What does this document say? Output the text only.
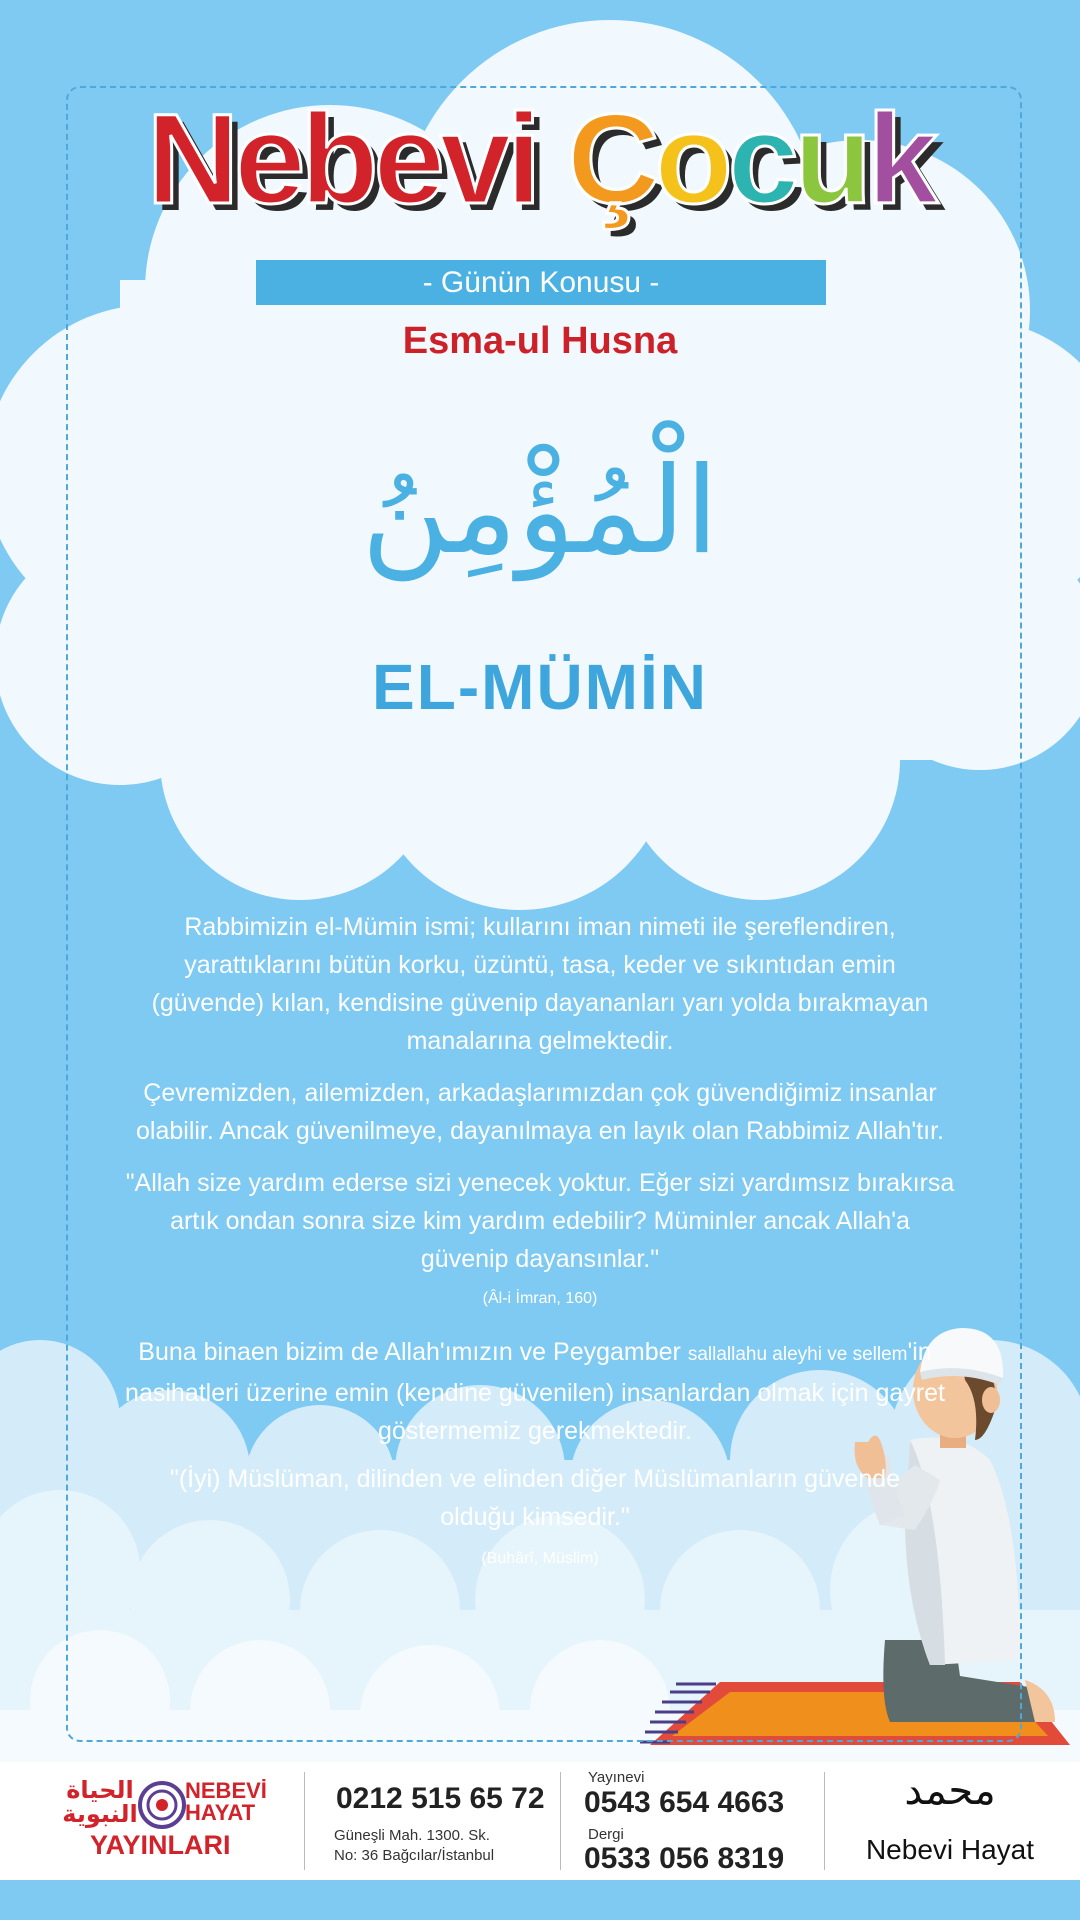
Nebevi Çocuk
- Günün Konusu -
Esma-ul Husna
الْمُؤْمِنُ
EL-MÜMİN
Rabbimizin el-Mümin ismi; kullarını iman nimeti ile şereflendiren, yarattıklarını bütün korku, üzüntü, tasa, keder ve sıkıntıdan emin (güvende) kılan, kendisine güvenip dayananları yarı yolda bırakmayan manalarına gelmektedir.
Çevremizden, ailemizden, arkadaşlarımızdan çok güvendiğimiz insanlar olabilir. Ancak güvenilmeye, dayanılmaya en layık olan Rabbimiz Allah'tır.
"Allah size yardım ederse sizi yenecek yoktur. Eğer sizi yardımsız bırakırsa artık ondan sonra size kim yardım edebilir? Müminler ancak Allah'a güvenip dayansınlar."
(Âl-i İmran, 160)
Buna binaen bizim de Allah'ımızın ve Peygamber sallallahu aleyhi ve sellem'in nasihatleri üzerine emin (kendine güvenilen) insanlardan olmak için gayret göstermemiz gerekmektedir.
"(İyi) Müslüman, dilinden ve elinden diğer Müslümanların güvende olduğu kimsedir."
(Buhârî, Müslim)
الحياة النبوية
NEBEVİ
HAYAT
YAYINLARI
0212 515 65 72
Güneşli Mah. 1300. Sk.
No: 36 Bağcılar/İstanbul
Yayınevi
0543 654 4663
Dergi
0533 056 8319
محمد
Nebevi Hayat
